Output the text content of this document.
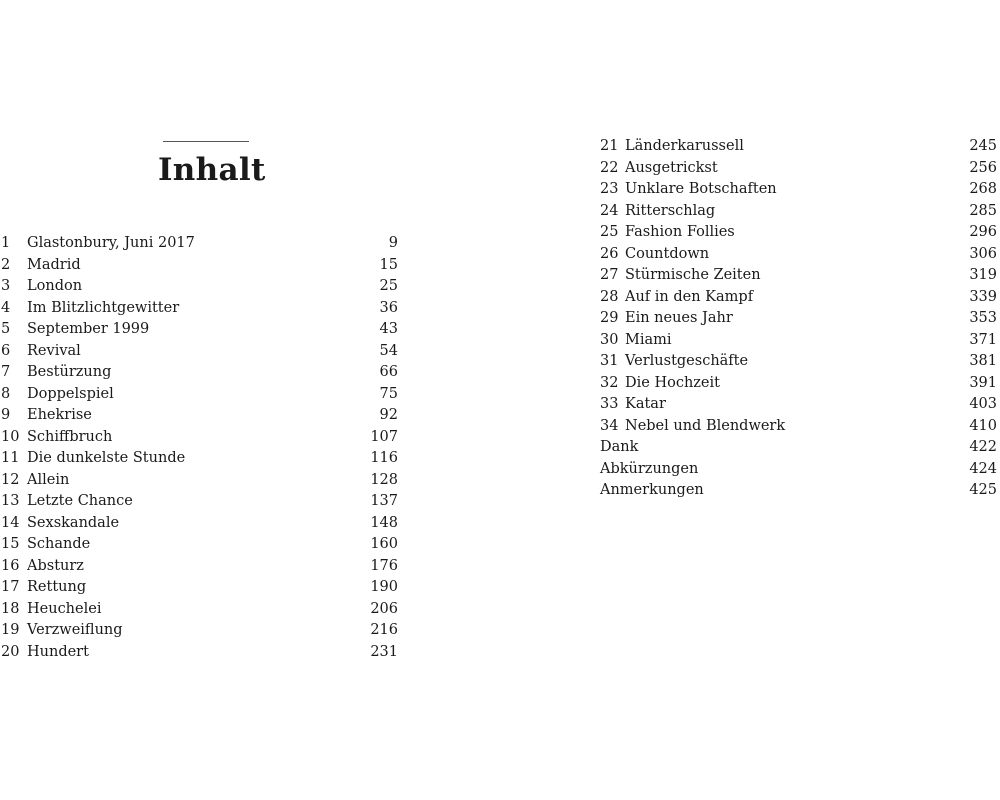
Inhalt
1 Glastonbury, Juni 2017	9
2 Madrid	15
3 London	25
4 Im Blitzlichtgewitter	36
5 September 1999	43
6 Revival	54
7 Bestürzung	66
8 Doppelspiel	75
9 Ehekrise	92
10 Schiffbruch	107
11 Die dunkelste Stunde	116
12 Allein	128
13 Letzte Chance	137
14 Sexskandale	148
15 Schande	160
16 Absturz	176
17 Rettung	190
18 Heuchelei	206
19 Verzweiflung	216
20 Hundert	231
21 Länderkarussell	245
22 Ausgetrickst	256
23 Unklare Botschaften	268
24 Ritterschlag	285
25 Fashion Follies	296
26 Countdown	306
27 Stürmische Zeiten	319
28 Auf in den Kampf	339
29 Ein neues Jahr	353
30 Miami	371
31 Verlustgeschäfte	381
32 Die Hochzeit	391
33 Katar	403
34 Nebel und Blendwerk	410
Dank	422
Abkürzungen	424
Anmerkungen	425
